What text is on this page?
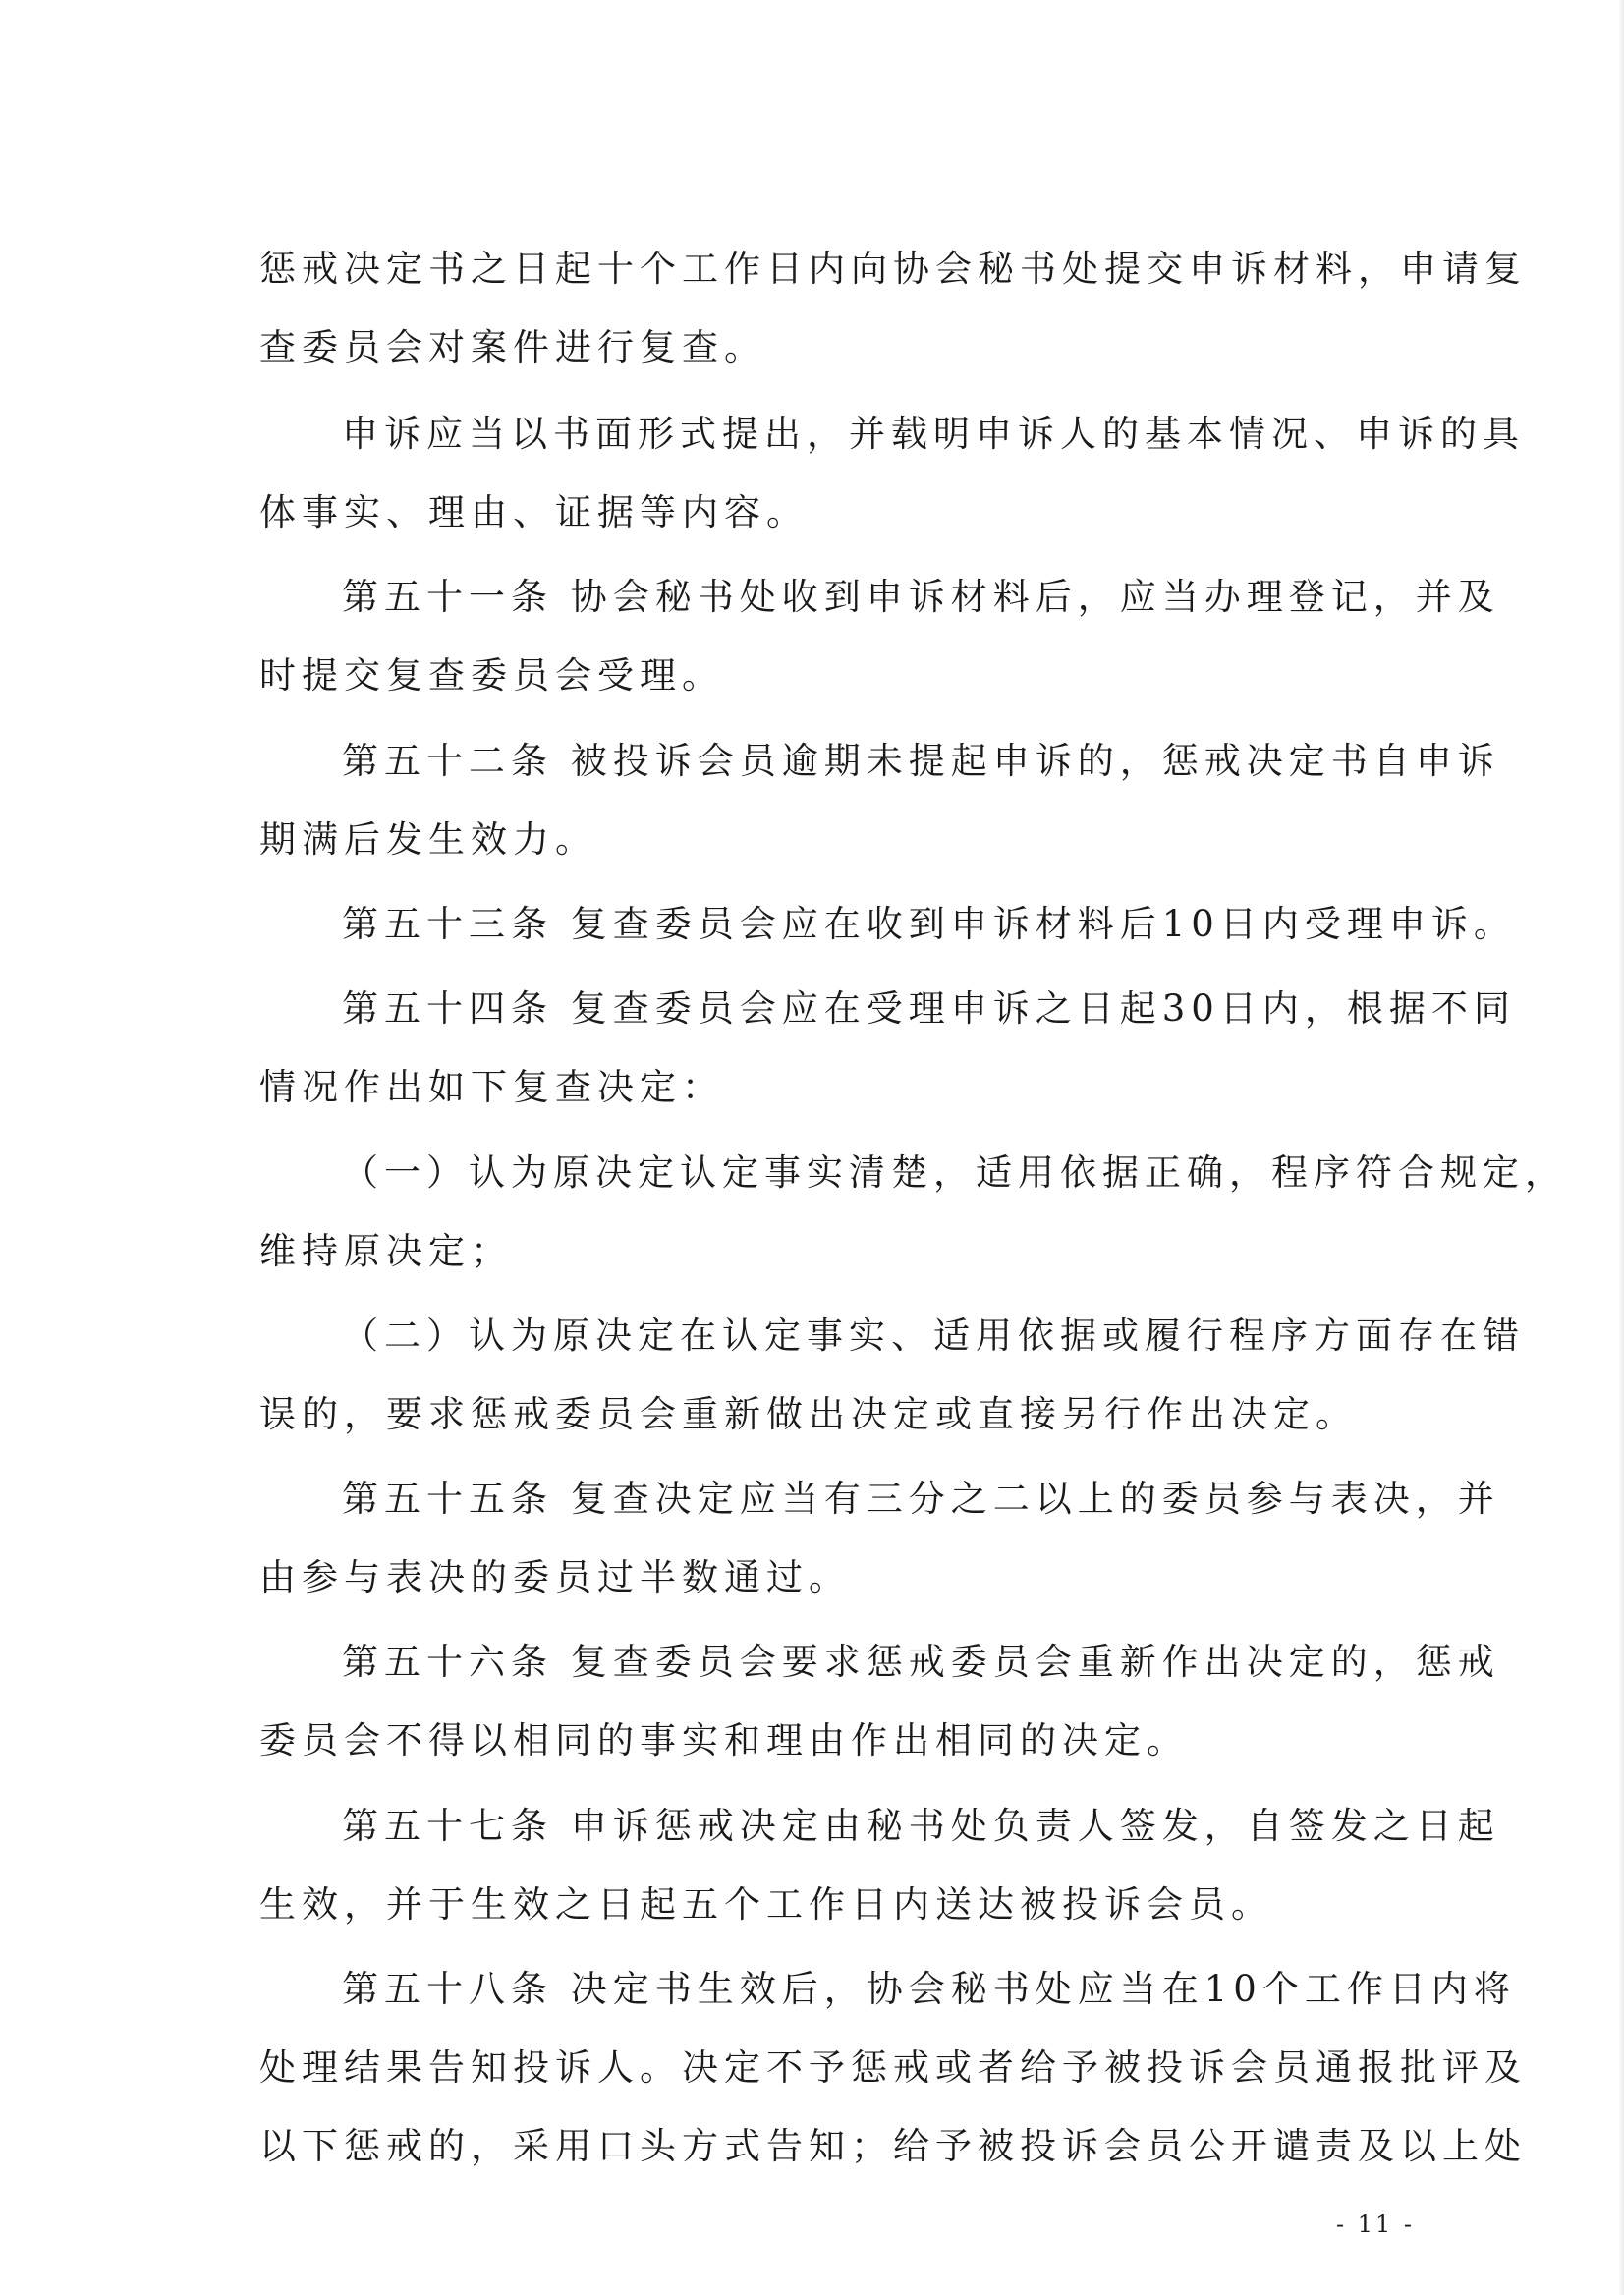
惩戒决定书之日起十个工作日内向协会秘书处提交申诉材料，申请复
查委员会对案件进行复查。
申诉应当以书面形式提出，并载明申诉人的基本情况、申诉的具
体事实、理由、证据等内容。
第五十一条 协会秘书处收到申诉材料后，应当办理登记，并及
时提交复查委员会受理。
第五十二条 被投诉会员逾期未提起申诉的，惩戒决定书自申诉
期满后发生效力。
第五十三条 复查委员会应在收到申诉材料后10日内受理申诉。
第五十四条 复查委员会应在受理申诉之日起30日内，根据不同
情况作出如下复查决定：
（一）认为原决定认定事实清楚，适用依据正确，程序符合规定，
维持原决定；
（二）认为原决定在认定事实、适用依据或履行程序方面存在错
误的，要求惩戒委员会重新做出决定或直接另行作出决定。
第五十五条 复查决定应当有三分之二以上的委员参与表决，并
由参与表决的委员过半数通过。
第五十六条 复查委员会要求惩戒委员会重新作出决定的，惩戒
委员会不得以相同的事实和理由作出相同的决定。
第五十七条 申诉惩戒决定由秘书处负责人签发，自签发之日起
生效，并于生效之日起五个工作日内送达被投诉会员。
第五十八条 决定书生效后，协会秘书处应当在10个工作日内将
处理结果告知投诉人。决定不予惩戒或者给予被投诉会员通报批评及
以下惩戒的，采用口头方式告知；给予被投诉会员公开谴责及以上处
- 11 -
